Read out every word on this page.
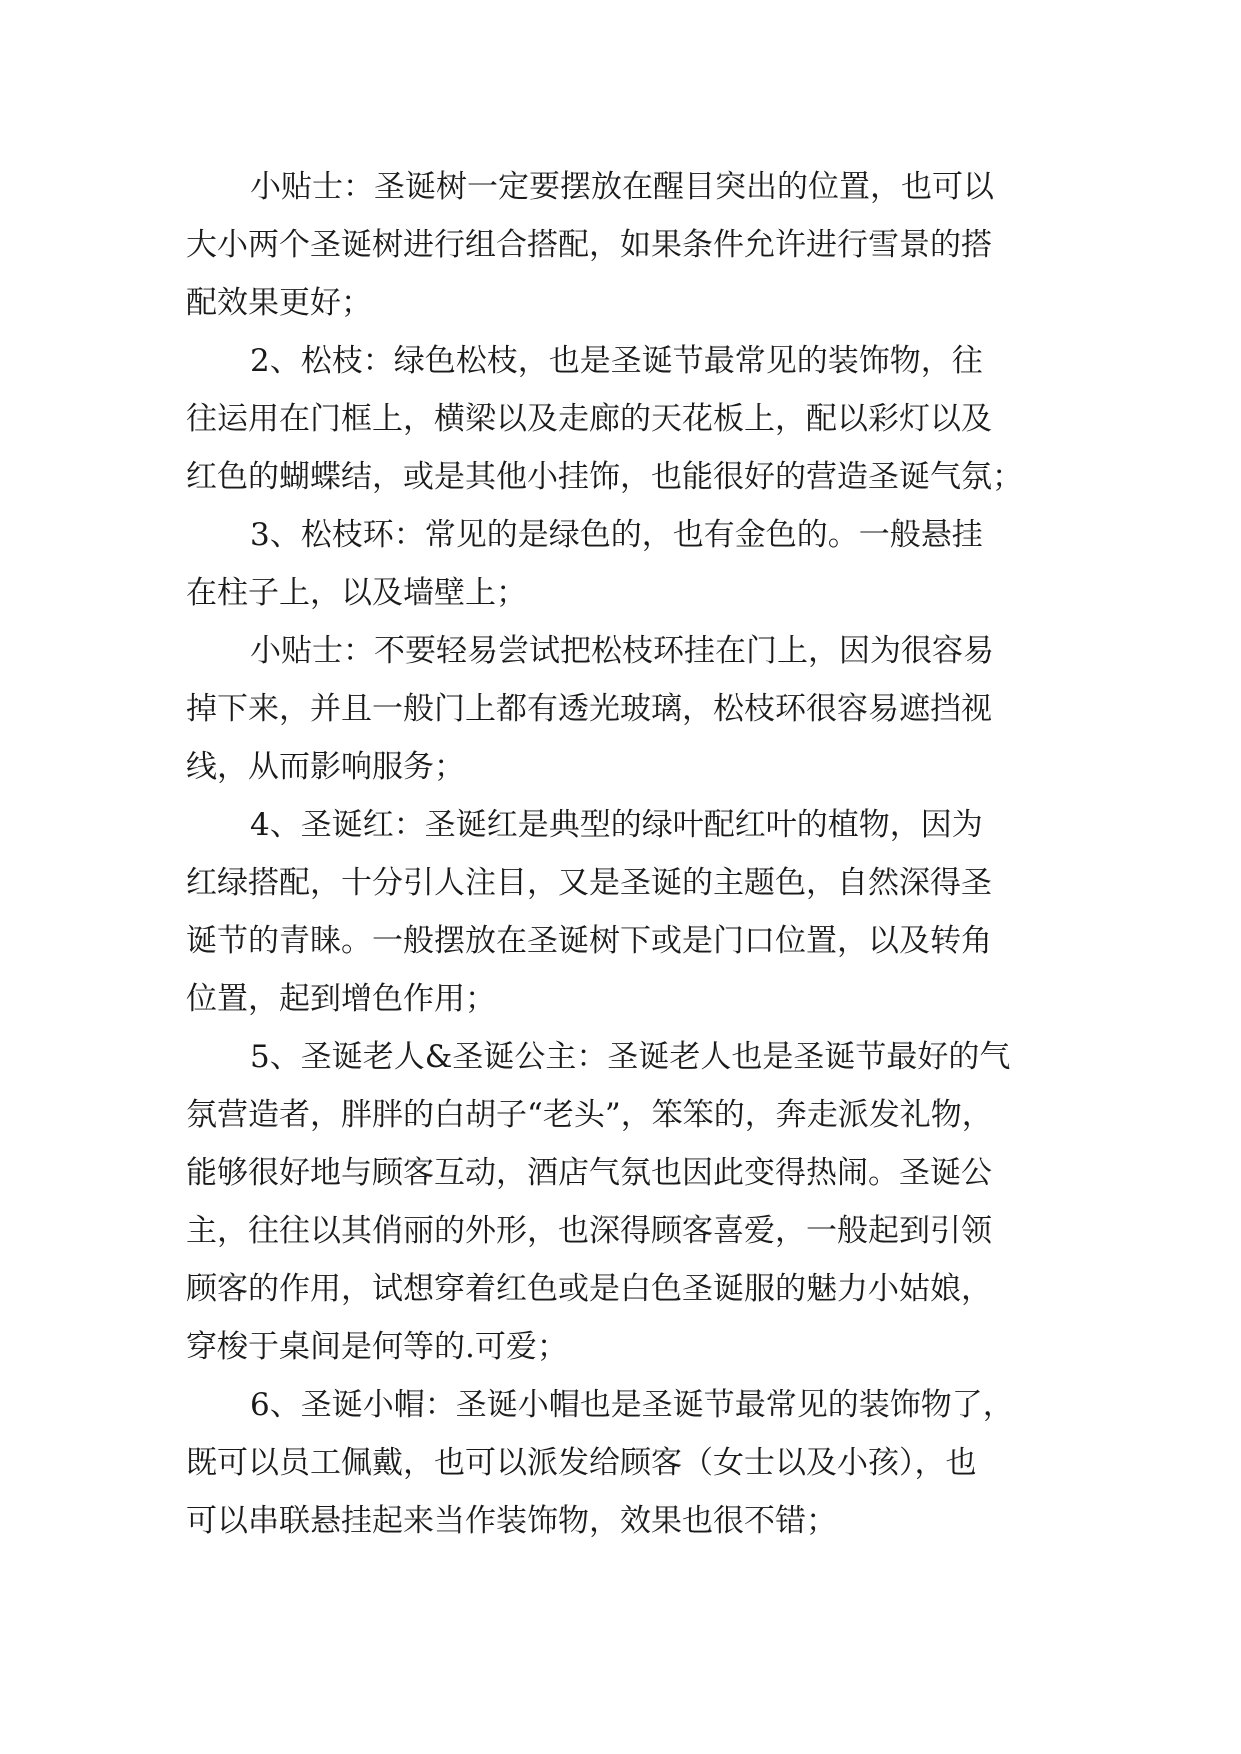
小贴士：圣诞树一定要摆放在醒目突出的位置，也可以
大小两个圣诞树进行组合搭配，如果条件允许进行雪景的搭
配效果更好；
2、松枝：绿色松枝，也是圣诞节最常见的装饰物，往
往运用在门框上，横梁以及走廊的天花板上，配以彩灯以及
红色的蝴蝶结，或是其他小挂饰，也能很好的营造圣诞气氛；
3、松枝环：常见的是绿色的，也有金色的。一般悬挂
在柱子上，以及墙壁上；
小贴士：不要轻易尝试把松枝环挂在门上，因为很容易
掉下来，并且一般门上都有透光玻璃，松枝环很容易遮挡视
线，从而影响服务；
4、圣诞红：圣诞红是典型的绿叶配红叶的植物，因为
红绿搭配，十分引人注目，又是圣诞的主题色，自然深得圣
诞节的青睐。一般摆放在圣诞树下或是门口位置，以及转角
位置，起到增色作用；
5、圣诞老人&圣诞公主：圣诞老人也是圣诞节最好的气
氛营造者，胖胖的白胡子“老头”，笨笨的，奔走派发礼物，
能够很好地与顾客互动，酒店气氛也因此变得热闹。圣诞公
主，往往以其俏丽的外形，也深得顾客喜爱，一般起到引领
顾客的作用，试想穿着红色或是白色圣诞服的魅力小姑娘，
穿梭于桌间是何等的.可爱；
6、圣诞小帽：圣诞小帽也是圣诞节最常见的装饰物了，
既可以员工佩戴，也可以派发给顾客（女士以及小孩），也
可以串联悬挂起来当作装饰物，效果也很不错；
